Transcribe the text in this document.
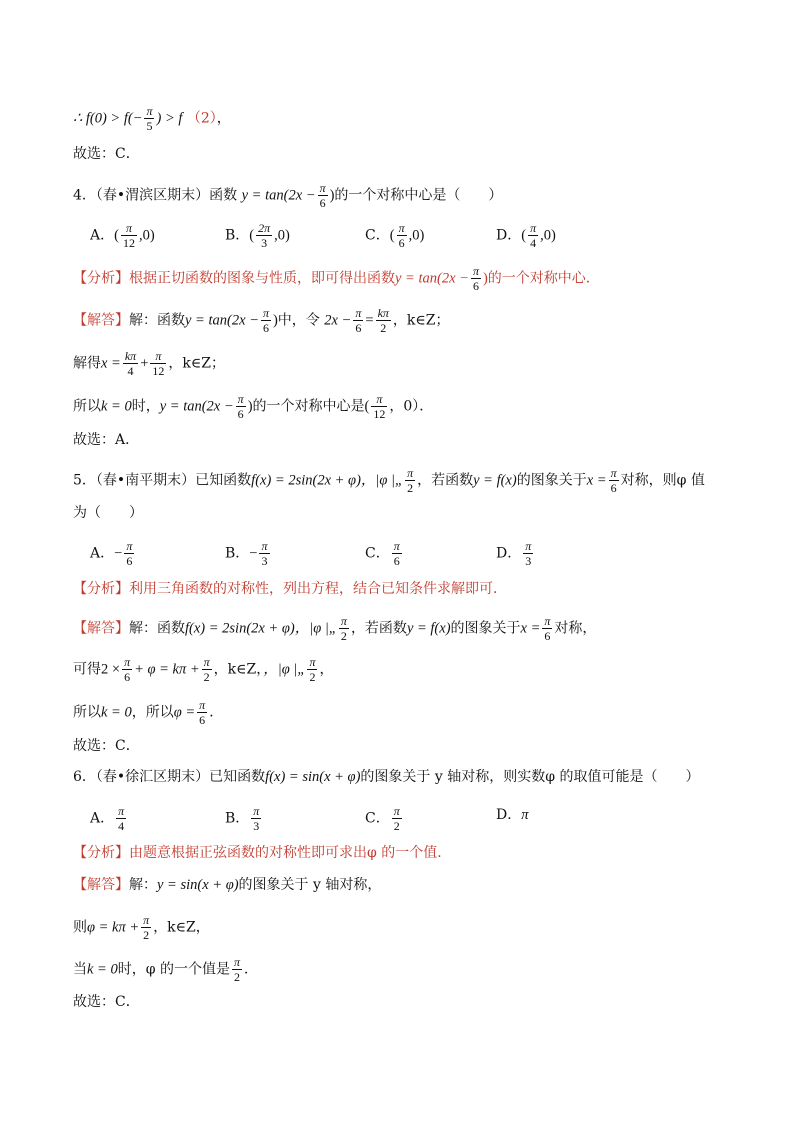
∴ $f(0) > f(- \frac{\pi}{5}$ ) > f （2），
故选：C．
4．（春•渭滨区期末）函数 $y = \tan(2x - \frac{\pi}{6}$ )的一个对称中心是（　　）
A．( $\frac{\pi}{12} ,0$)	B．( $\frac{2\pi}{3} ,0$)	C．( $\frac{\pi}{6} ,0$)	D．( $\frac{\pi}{4} ,0$)
【分析】根据正切函数的图象与性质，即可得出函数$y = \tan(2x - \frac{\pi}{6}$ )的一个对称中心．
【解答】解：函数$y = \tan(2x - \frac{\pi}{6}$ )中，令 $2x - \frac{\pi}{6} = \frac{k\pi}{2}$ ，k∈Z；
解得$x = \frac{k\pi}{4} + \frac{\pi}{12}$ ，k∈Z；
所以k = 0时，$y = \tan(2x - \frac{\pi}{6}$ )的一个对称中心是( $\frac{\pi}{12}$ ，0）．
故选：A．
5．（春•南平期末）已知函数f(x) = 2sin(2x + φ)，|φ |„ $\frac{\pi}{2}$ ，若函数y = f(x)的图象关于$x = \frac{\pi}{6}$ 对称，则φ 值
为（　　）
A．− $\frac{\pi}{6}$	B．− $\frac{\pi}{3}$	C． $\frac{\pi}{6}$	D． $\frac{\pi}{3}$
【分析】利用三角函数的对称性，列出方程，结合已知条件求解即可．
【解答】解：函数f(x) = 2sin(2x + φ)，|φ |„ $\frac{\pi}{2}$ ，若函数y = f(x)的图象关于$x = \frac{\pi}{6}$ 对称，
可得$2 \times \frac{\pi}{6} + \varphi = k\pi + \frac{\pi}{2}$ ，k∈Z，，|φ |„ $\frac{\pi}{2}$ ，
所以k = 0，所以$\varphi = \frac{\pi}{6}$ ．
故选：C．
6．（春•徐汇区期末）已知函数f(x) = sin(x + φ)的图象关于 y 轴对称，则实数φ 的取值可能是（　　）
A． $\frac{\pi}{4}$	B． $\frac{\pi}{3}$	C． $\frac{\pi}{2}$	D．π
【分析】由题意根据正弦函数的对称性即可求出φ 的一个值．
【解答】解：y = sin(x + φ)的图象关于 y 轴对称，
则$\varphi = k\pi + \frac{\pi}{2}$ ，k∈Z，
当k = 0时，φ 的一个值是 $\frac{\pi}{2}$ ．
故选：C．
